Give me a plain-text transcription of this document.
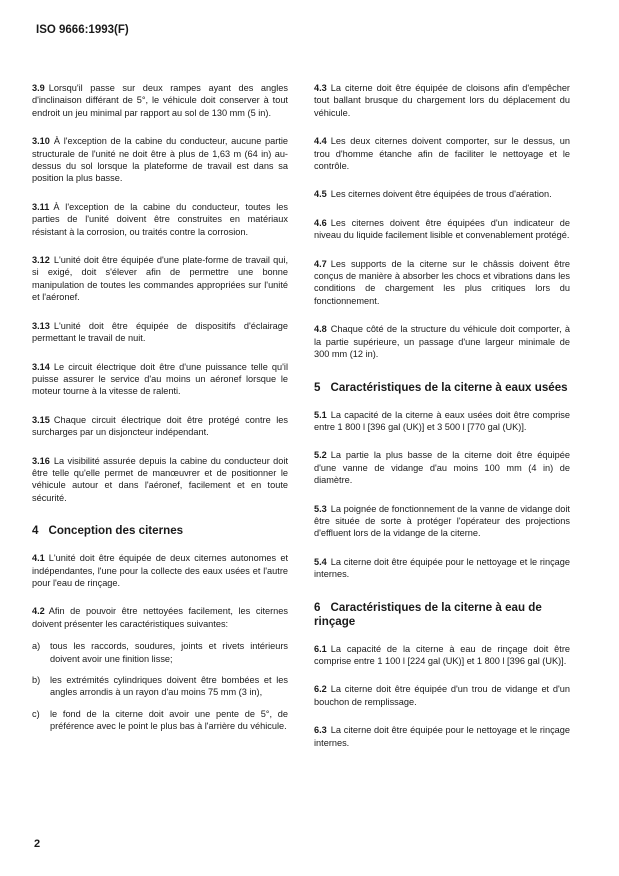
ISO 9666:1993(F)

3.9 Lorsqu'il passe sur deux rampes ayant des angles d'inclinaison différant de 5°, le véhicule doit conserver à tout endroit un jeu minimal par rapport au sol de 130 mm (5 in).

3.10 À l'exception de la cabine du conducteur, aucune partie structurale de l'unité ne doit être à plus de 1,63 m (64 in) au-dessus du sol lorsque la plateforme de travail est dans sa position la plus basse.

3.11 À l'exception de la cabine du conducteur, toutes les parties de l'unité doivent être construites en matériaux résistant à la corrosion, ou traités contre la corrosion.

3.12 L'unité doit être équipée d'une plate-forme de travail qui, si exigé, doit s'élever afin de permettre une bonne manipulation de toutes les commandes appropriées sur l'unité et l'aéronef.

3.13 L'unité doit être équipée de dispositifs d'éclairage permettant le travail de nuit.

3.14 Le circuit électrique doit être d'une puissance telle qu'il puisse assurer le service d'au moins un aéronef lorsque le moteur tourne à la vitesse de ralenti.

3.15 Chaque circuit électrique doit être protégé contre les surcharges par un disjoncteur indépendant.

3.16 La visibilité assurée depuis la cabine du conducteur doit être telle qu'elle permet de manœuvrer et de positionner le véhicule autour et dans l'aéronef, facilement et en toute sécurité.

4 Conception des citernes

4.1 L'unité doit être équipée de deux citernes autonomes et indépendantes, l'une pour la collecte des eaux usées et l'autre pour l'eau de rinçage.

4.2 Afin de pouvoir être nettoyées facilement, les citernes doivent présenter les caractéristiques suivantes:

a)	tous les raccords, soudures, joints et rivets intérieurs doivent avoir une finition lisse;
b)	les extrémités cylindriques doivent être bombées et les angles arrondis à un rayon d'au moins 75 mm (3 in),
c)	le fond de la citerne doit avoir une pente de 5°, de préférence avec le point le plus bas à l'arrière du véhicule.

4.3 La citerne doit être équipée de cloisons afin d'empêcher tout ballant brusque du chargement lors du déplacement du véhicule.

4.4 Les deux citernes doivent comporter, sur le dessus, un trou d'homme étanche afin de faciliter le nettoyage et le contrôle.

4.5 Les citernes doivent être équipées de trous d'aération.

4.6 Les citernes doivent être équipées d'un indicateur de niveau du liquide facilement lisible et convenablement protégé.

4.7 Les supports de la citerne sur le châssis doivent être conçus de manière à absorber les chocs et vibrations dans les conditions de chargement les plus critiques lors du fonctionnement.

4.8 Chaque côté de la structure du véhicule doit comporter, à la partie supérieure, un passage d'une largeur minimale de 300 mm (12 in).

5 Caractéristiques de la citerne à eaux usées

5.1 La capacité de la citerne à eaux usées doit être comprise entre 1 800 l [396 gal (UK)] et 3 500 l [770 gal (UK)].

5.2 La partie la plus basse de la citerne doit être équipée d'une vanne de vidange d'au moins 100 mm (4 in) de diamètre.

5.3 La poignée de fonctionnement de la vanne de vidange doit être située de sorte à protéger l'opérateur des projections d'effluent lors de la vidange de la citerne.

5.4 La citerne doit être équipée pour le nettoyage et le rinçage internes.

6 Caractéristiques de la citerne à eau de rinçage

6.1 La capacité de la citerne à eau de rinçage doit être comprise entre 1 100 l [224 gal (UK)] et 1 800 l [396 gal (UK)].

6.2 La citerne doit être équipée d'un trou de vidange et d'un bouchon de remplissage.

6.3 La citerne doit être équipée pour le nettoyage et le rinçage internes.

2
